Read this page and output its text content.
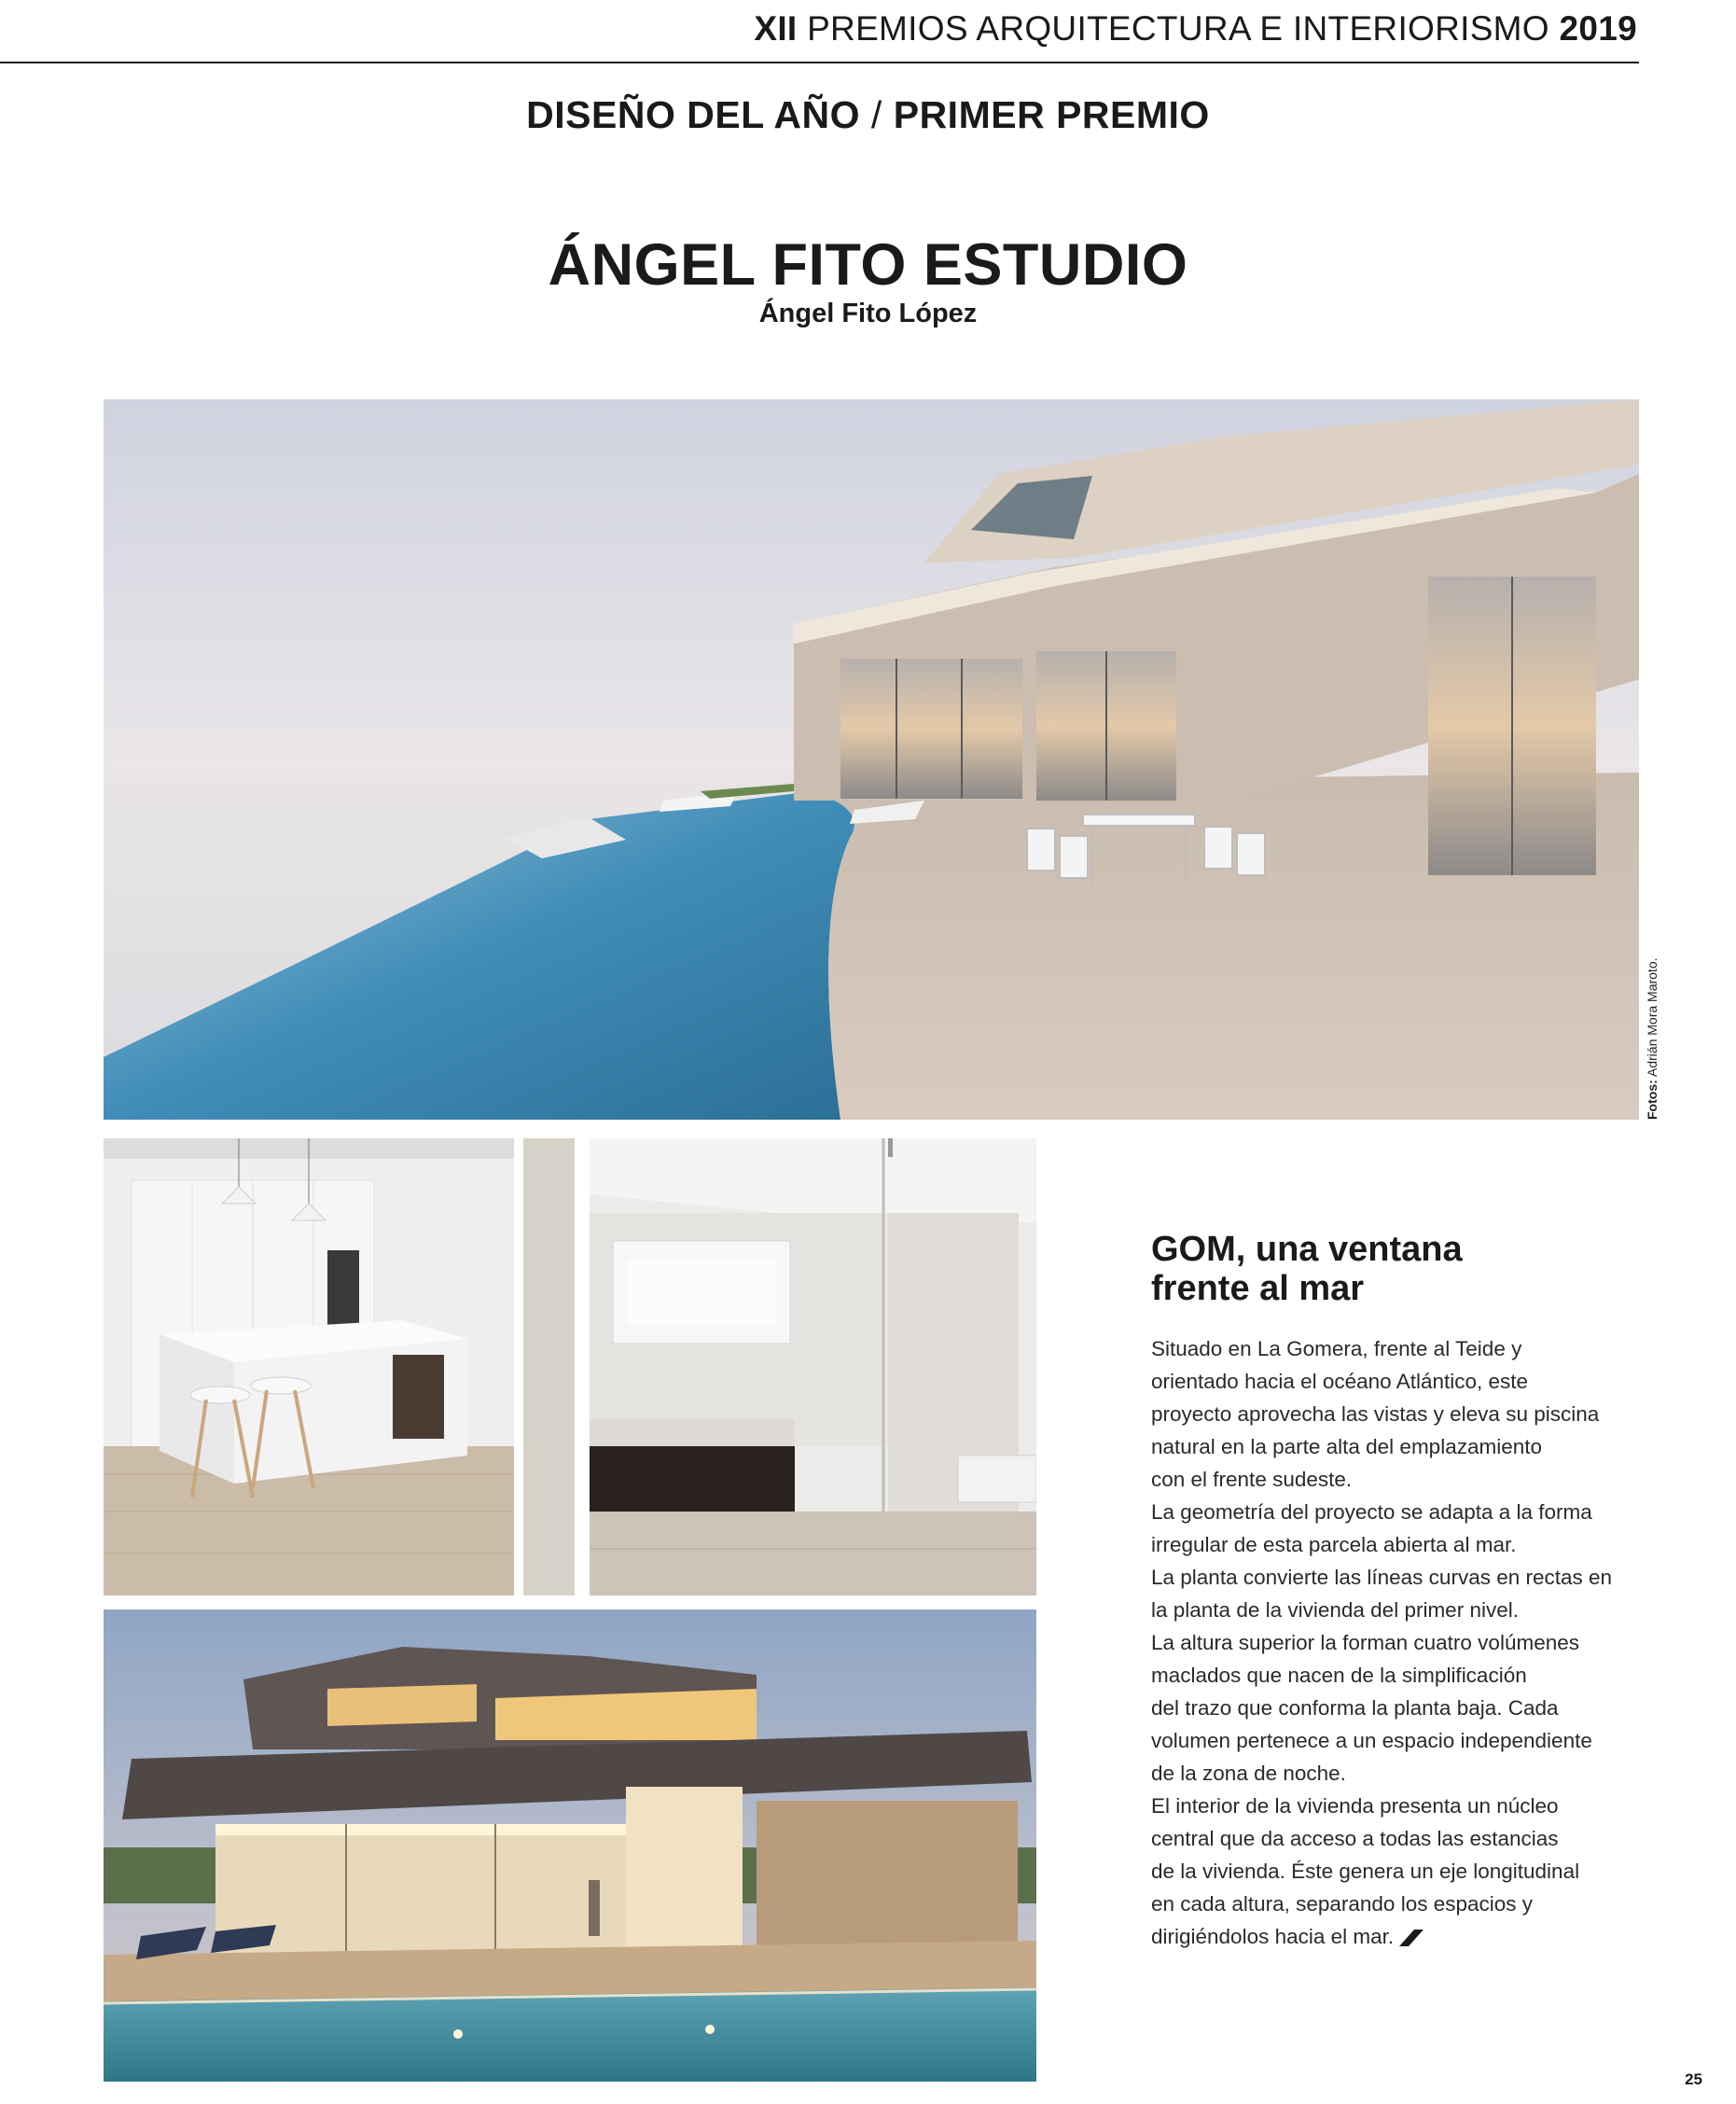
XII PREMIOS ARQUITECTURA E INTERIORISMO 2019
DISEÑO DEL AÑO / PRIMER PREMIO
ÁNGEL FITO ESTUDIO
Ángel Fito López
Fotos: Adrián Mora Maroto.
GOM, una ventana
frente al mar
Situado en La Gomera, frente al Teide y
orientado hacia el océano Atlántico, este
proyecto aprovecha las vistas y eleva su piscina
natural en la parte alta del emplazamiento
con el frente sudeste.
La geometría del proyecto se adapta a la forma
irregular de esta parcela abierta al mar.
La planta convierte las líneas curvas en rectas en
la planta de la vivienda del primer nivel.
La altura superior la forman cuatro volúmenes
maclados que nacen de la simplificación
del trazo que conforma la planta baja. Cada
volumen pertenece a un espacio independiente
de la zona de noche.
El interior de la vivienda presenta un núcleo
central que da acceso a todas las estancias
de la vivienda. Éste genera un eje longitudinal
en cada altura, separando los espacios y
dirigiéndolos hacia el mar.
25
